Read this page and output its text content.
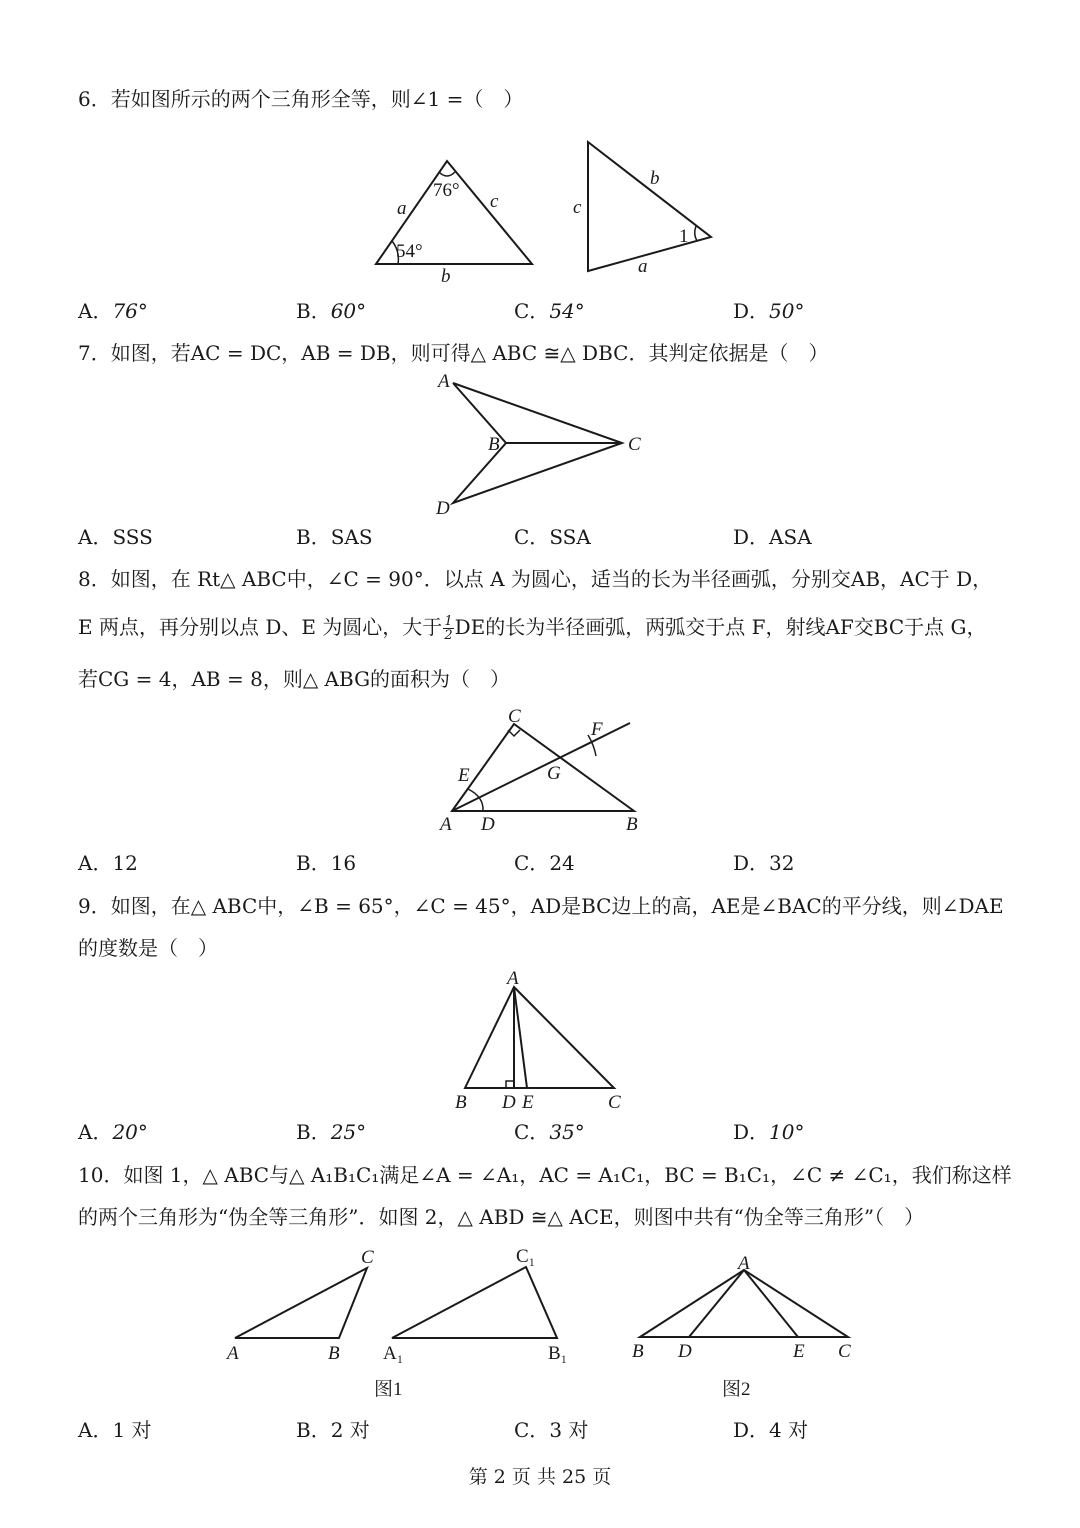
6．若如图所示的两个三角形全等，则∠1 =（　）
76°
54°
a	c
b
c
b
a
1
A．76°	B．60°	C．54°	D．50°
7．如图，若AC = DC，AB = DB，则可得△ ABC ≅△ DBC．其判定依据是（　）
A
B	C
D
A．SSS	B．SAS	C．SSA	D．ASA
8．如图，在 Rt△ ABC中，∠C = 90°．以点 A 为圆心，适当的长为半径画弧，分别交AB，AC于 D，
E 两点，再分别以点 D、E 为圆心，大于 $\frac{1}{2}$ DE的长为半径画弧，两弧交于点 F，射线AF交BC于点 G，
若CG = 4，AB = 8，则△ ABG的面积为（　）
C
F
E	G
A D	B
A．12	B．16	C．24	D．32
9．如图，在△ ABC中，∠B = 65°，∠C = 45°，AD是BC边上的高，AE是∠BAC的平分线，则∠DAE
的度数是（　）
A
B D E	C
A．20°	B．25°	C．35°	D．10°
10．如图 1，△ ABC与△ A₁B₁C₁满足∠A = ∠A₁，AC = A₁C₁，BC = B₁C₁，∠C ≠ ∠C₁，我们称这样
的两个三角形为“伪全等三角形”．如图 2，△ ABD ≅△ ACE，则图中共有“伪全等三角形”（　）
C
A	B
C₁
A₁	B₁
图1
A
B D	E C
图2
A．1 对	B．2 对	C．3 对	D．4 对
第 2 页 共 25 页
